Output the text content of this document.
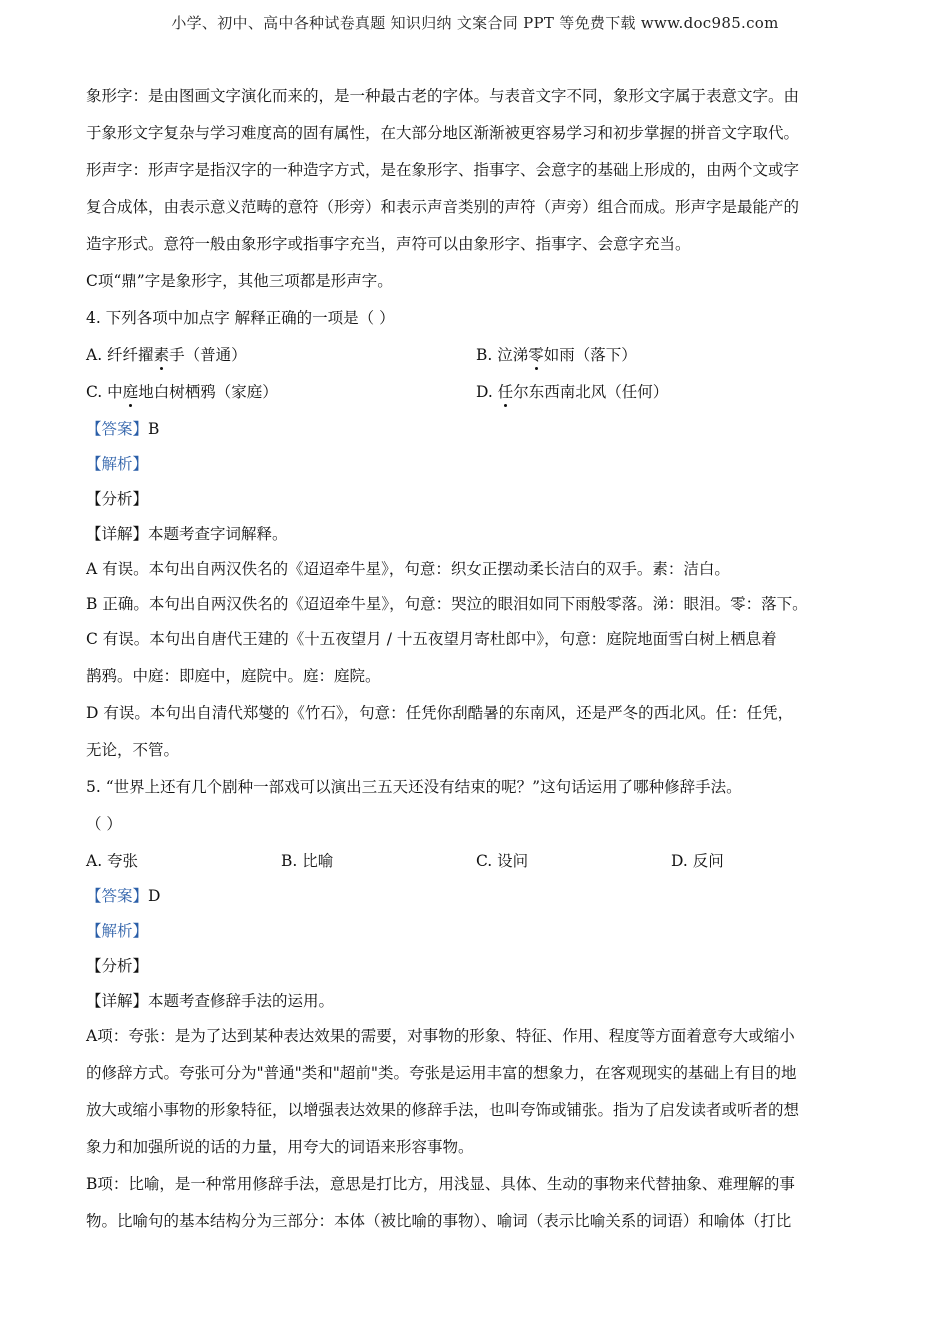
小学、初中、高中各种试卷真题 知识归纳 文案合同 PPT 等免费下载 www.doc985.com
象形字：是由图画文字演化而来的，是一种最古老的字体。与表音文字不同，象形文字属于表意文字。由
于象形文字复杂与学习难度高的固有属性，在大部分地区渐渐被更容易学习和初步掌握的拼音文字取代。
形声字：形声字是指汉字的一种造字方式，是在象形字、指事字、会意字的基础上形成的，由两个文或字
复合成体，由表示意义范畴的意符（形旁）和表示声音类别的声符（声旁）组合而成。形声字是最能产的
造字形式。意符一般由象形字或指事字充当，声符可以由象形字、指事字、会意字充当。
C项“鼎”字是象形字，其他三项都是形声字。
4. 下列各项中加点字 解释正确的一项是（ ）
A. 纤纤擢素手（普通）	B. 泣涕零如雨（落下）
C. 中庭地白树栖鸦（家庭）	D. 任尔东西南北风（任何）
【答案】B
【解析】
【分析】
【详解】本题考查字词解释。
A 有误。本句出自两汉佚名的《迢迢牵牛星》，句意：织女正摆动柔长洁白的双手。素：洁白。
B 正确。本句出自两汉佚名的《迢迢牵牛星》，句意：哭泣的眼泪如同下雨般零落。涕：眼泪。零：落下。
C 有误。本句出自唐代王建的《十五夜望月 / 十五夜望月寄杜郎中》，句意：庭院地面雪白树上栖息着
鹊鸦。中庭：即庭中，庭院中。庭：庭院。
D 有误。本句出自清代郑燮的《竹石》，句意：任凭你刮酷暑的东南风，还是严冬的西北风。任：任凭，
无论，不管。
5. “世界上还有几个剧种一部戏可以演出三五天还没有结束的呢？”这句话运用了哪种修辞手法。
（ ）
A. 夸张	B. 比喻	C. 设问	D. 反问
【答案】D
【解析】
【分析】
【详解】本题考查修辞手法的运用。
A项：夸张：是为了达到某种表达效果的需要，对事物的形象、特征、作用、程度等方面着意夸大或缩小
的修辞方式。夸张可分为"普通"类和"超前"类。夸张是运用丰富的想象力，在客观现实的基础上有目的地
放大或缩小事物的形象特征，以增强表达效果的修辞手法，也叫夸饰或铺张。指为了启发读者或听者的想
象力和加强所说的话的力量，用夸大的词语来形容事物。
B项：比喻，是一种常用修辞手法，意思是打比方，用浅显、具体、生动的事物来代替抽象、难理解的事
物。比喻句的基本结构分为三部分：本体（被比喻的事物）、喻词（表示比喻关系的词语）和喻体（打比
